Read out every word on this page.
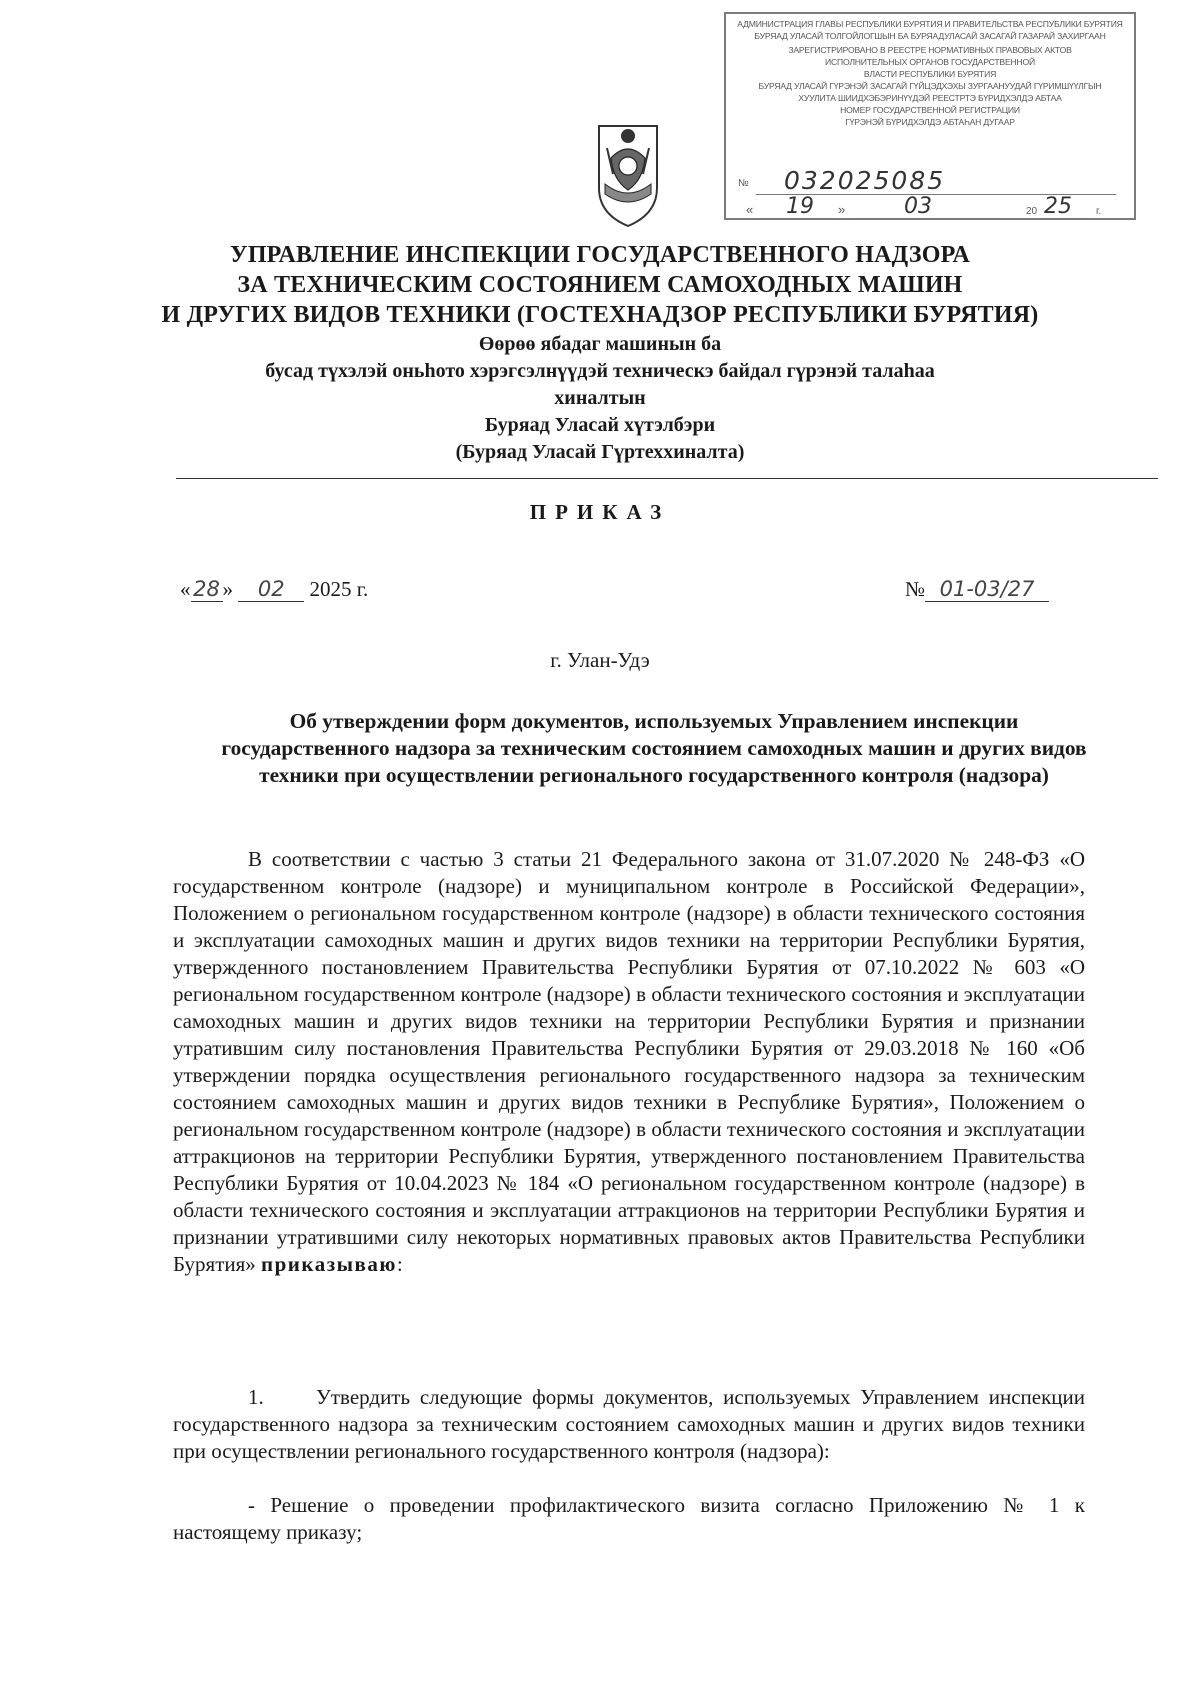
АДМИНИСТРАЦИЯ ГЛАВЫ РЕСПУБЛИКИ БУРЯТИЯ И ПРАВИТЕЛЬСТВА РЕСПУБЛИКИ БУРЯТИЯ
БУРЯАД УЛАСАЙ ТОЛГОЙЛОГШЫН БА БУРЯАДУЛАСАЙ ЗАСАГАЙ ГАЗАРАЙ ЗАХИРГААН
ЗАРЕГИСТРИРОВАНО В РЕЕСТРЕ НОРМАТИВНЫХ ПРАВОВЫХ АКТОВ
ИСПОЛНИТЕЛЬНЫХ ОРГАНОВ ГОСУДАРСТВЕННОЙ
ВЛАСТИ РЕСПУБЛИКИ БУРЯТИЯ
БУРЯАД УЛАСАЙ ГҮРЭНЭЙ ЗАСАГАЙ ГҮЙЦЭДХЭХЫ ЗУРГААНУУДАЙ ГҮРИМШҮҮЛГЫН
ХУУЛИТА ШИИДХЭБЭРИНҮҮДЭЙ РЕЕСТРТЭ БҮРИДХЭЛДЭ АБТАА
НОМЕР ГОСУДАРСТВЕННОЙ РЕГИСТРАЦИИ
ГҮРЭНЭЙ БҮРИДХЭЛДЭ АБТАҺАН ДУГААР
№ 032025085
« 19 »	03	20 25 г.
УПРАВЛЕНИЕ ИНСПЕКЦИИ ГОСУДАРСТВЕННОГО НАДЗОРА
ЗА ТЕХНИЧЕСКИМ СОСТОЯНИЕМ САМОХОДНЫХ МАШИН
И ДРУГИХ ВИДОВ ТЕХНИКИ (ГОСТЕХНАДЗОР РЕСПУБЛИКИ БУРЯТИЯ)
Өөрөө ябадаг машинын ба
бусад түхэлэй оньһото хэрэгсэлнүүдэй техническэ байдал гүрэнэй талаһаа
хиналтын
Буряад Уласай хүтэлбэри
(Буряад Уласай Гүртеххиналта)
ПРИКАЗ
« 28 » 02 2025 г.	№ 01-03/27
г. Улан-Удэ
Об утверждении форм документов, используемых Управлением инспекции государственного надзора за техническим состоянием самоходных машин и других видов техники при осуществлении регионального государственного контроля (надзора)

В соответствии с частью 3 статьи 21 Федерального закона от 31.07.2020 № 248-ФЗ «О государственном контроле (надзоре) и муниципальном контроле в Российской Федерации», Положением о региональном государственном контроле (надзоре) в области технического состояния и эксплуатации самоходных машин и других видов техники на территории Республики Бурятия, утвержденного постановлением Правительства Республики Бурятия от 07.10.2022 № 603 «О региональном государственном контроле (надзоре) в области технического состояния и эксплуатации самоходных машин и других видов техники на территории Республики Бурятия и признании утратившим силу постановления Правительства Республики Бурятия от 29.03.2018 № 160 «Об утверждении порядка осуществления регионального государственного надзора за техническим состоянием самоходных машин и других видов техники в Республике Бурятия», Положением о региональном государственном контроле (надзоре) в области технического состояния и эксплуатации аттракционов на территории Республики Бурятия, утвержденного постановлением Правительства Республики Бурятия от 10.04.2023 № 184 «О региональном государственном контроле (надзоре) в области технического состояния и эксплуатации аттракционов на территории Республики Бурятия и признании утратившими силу некоторых нормативных правовых актов Правительства Республики Бурятия» приказываю:

1. Утвердить следующие формы документов, используемых Управлением инспекции государственного надзора за техническим состоянием самоходных машин и других видов техники при осуществлении регионального государственного контроля (надзора):

- Решение о проведении профилактического визита согласно Приложению № 1 к настоящему приказу;
